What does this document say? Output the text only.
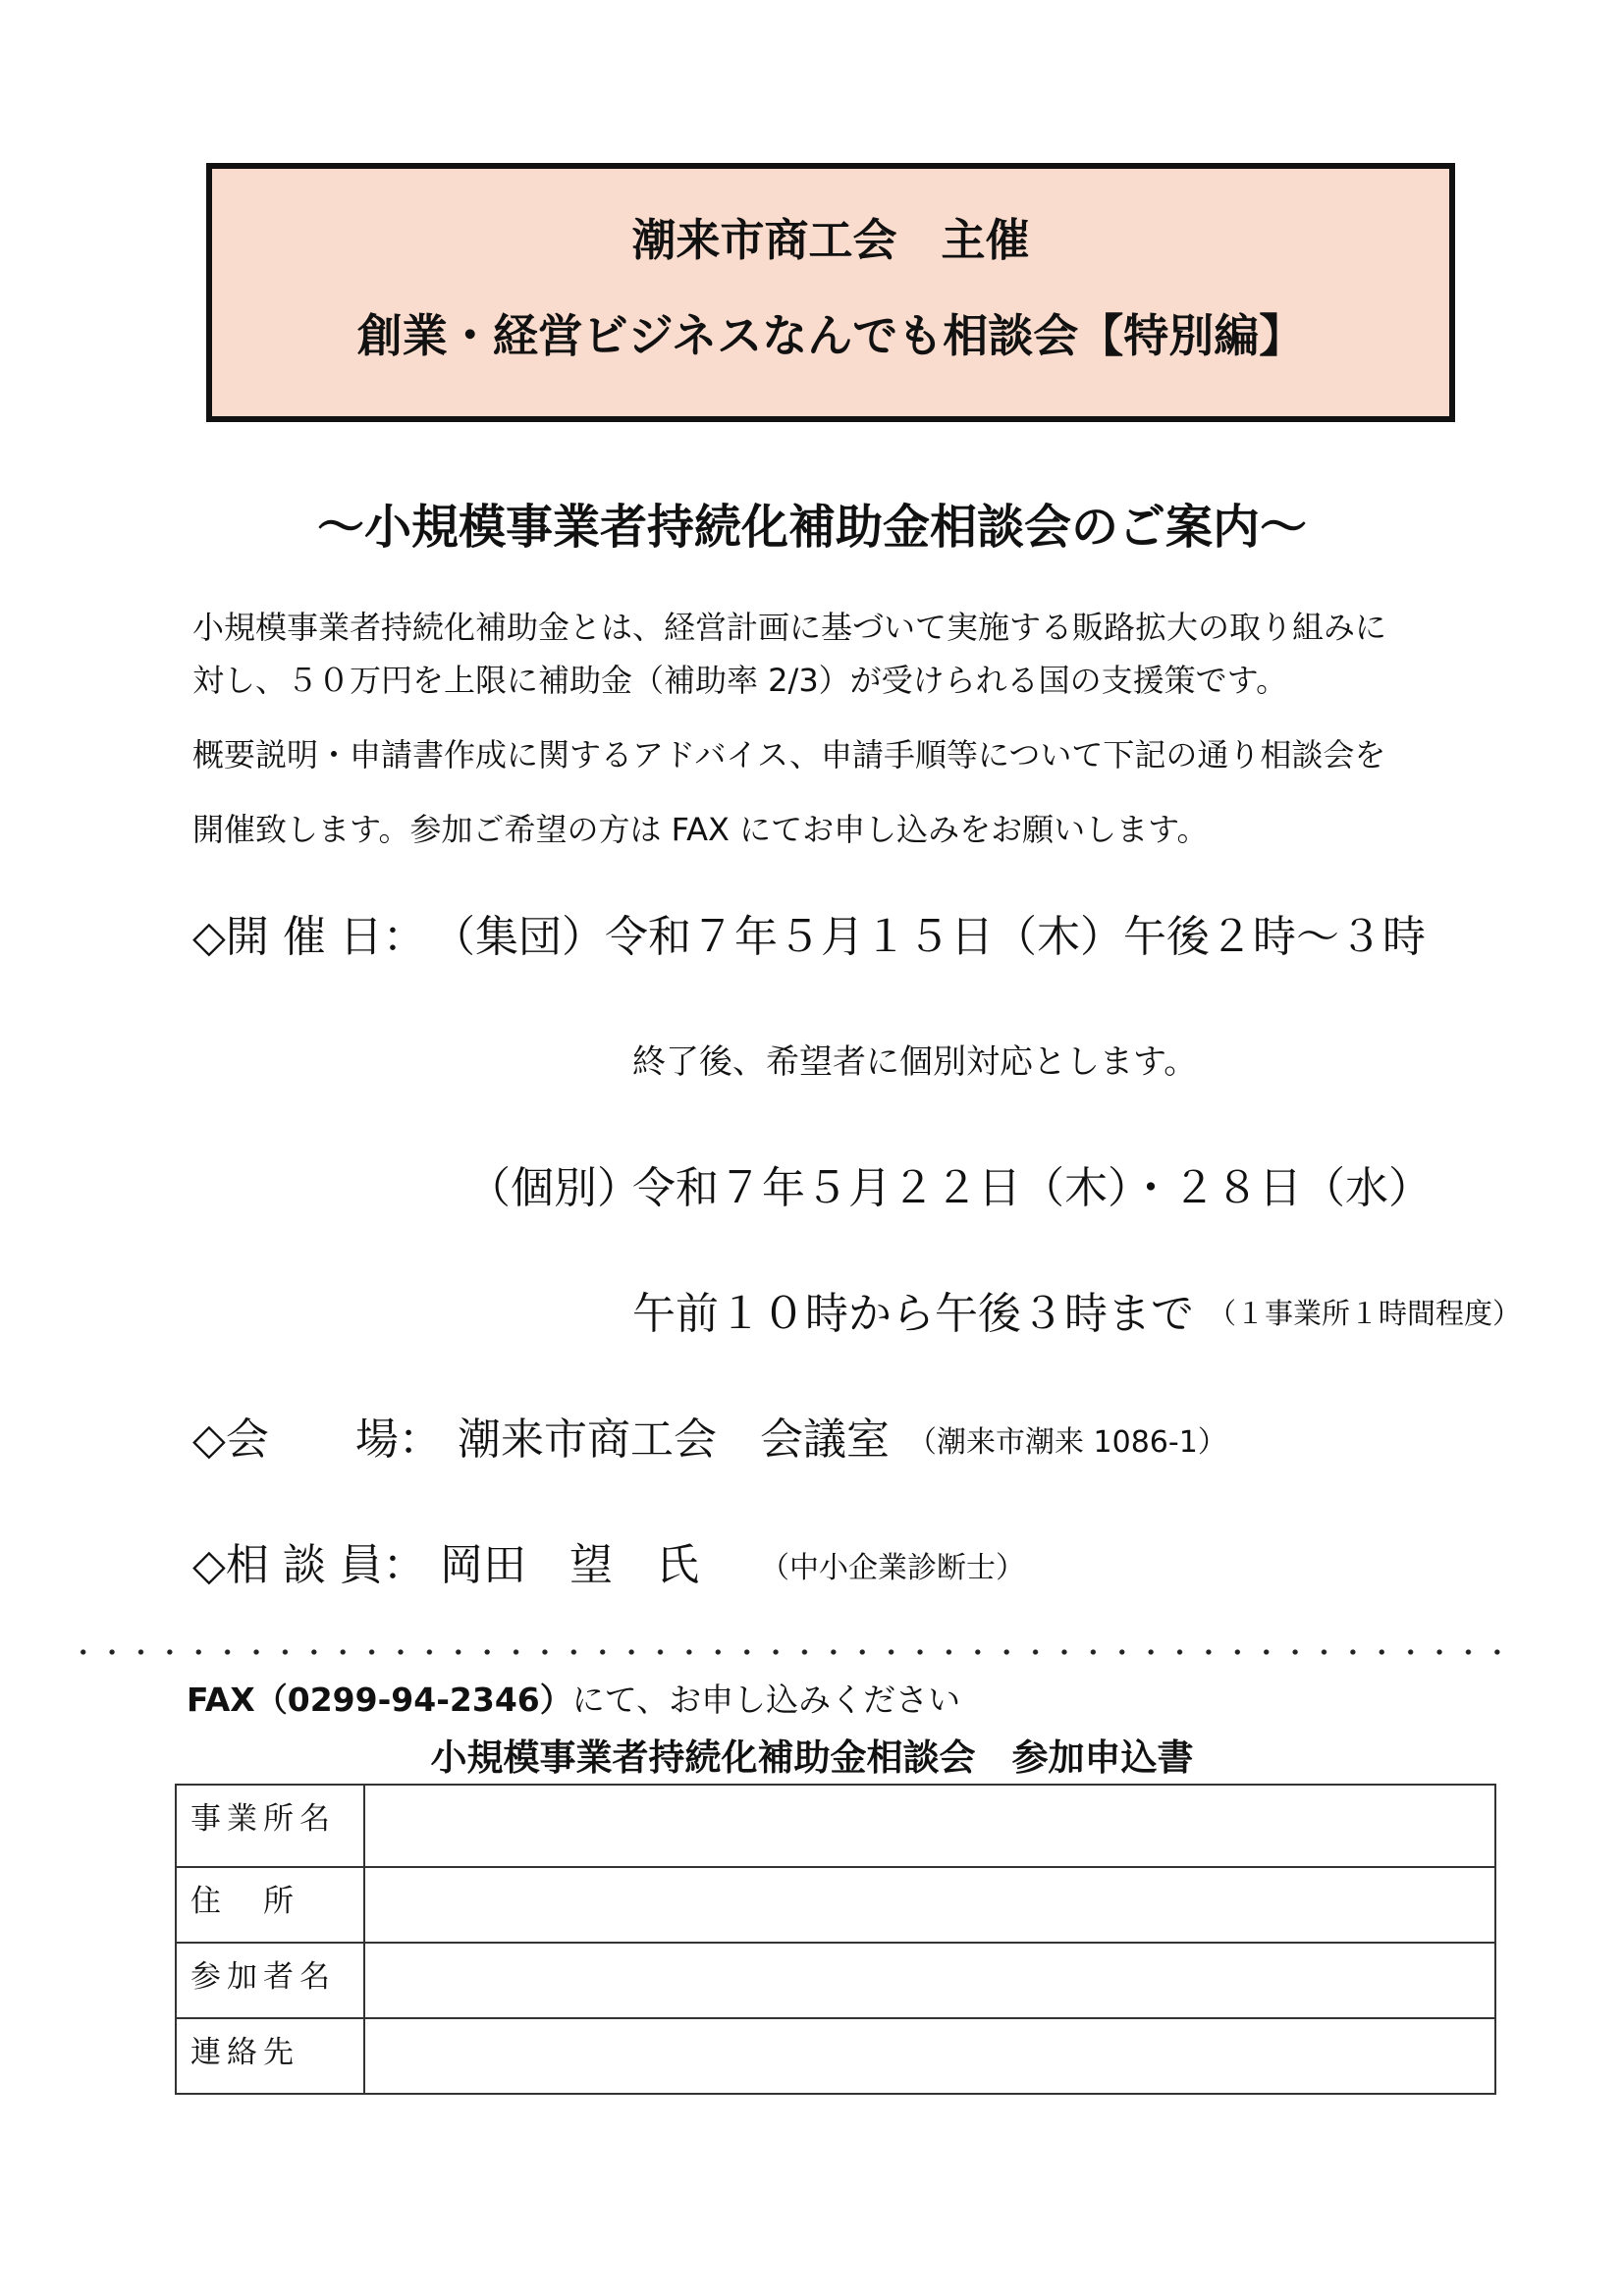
潮来市商工会　主催
創業・経営ビジネスなんでも相談会【特別編】
～小規模事業者持続化補助金相談会のご案内～
小規模事業者持続化補助金とは、経営計画に基づいて実施する販路拡大の取り組みに
対し、５０万円を上限に補助金（補助率 2/3）が受けられる国の支援策です。
概要説明・申請書作成に関するアドバイス、申請手順等について下記の通り相談会を
開催致します。参加ご希望の方は FAX にてお申し込みをお願いします。
◇開 催 日： （集団） 令和７年５月１５日（木）午後２時～３時
終了後、希望者に個別対応とします。
（個別）
令和７年５月２２日（木）・２８日（水）
午前１０時から午後３時まで （１事業所１時間程度）
◇会　　場： 潮来市商工会　会議室 （潮来市潮来 1086-1）
◇相 談 員： 岡田　望　氏 （中小企業診断士）
FAX（0299-94-2346）にて、お申し込みください
小規模事業者持続化補助金相談会　参加申込書
事業所名	
住　所	
参加者名	
連絡先	
